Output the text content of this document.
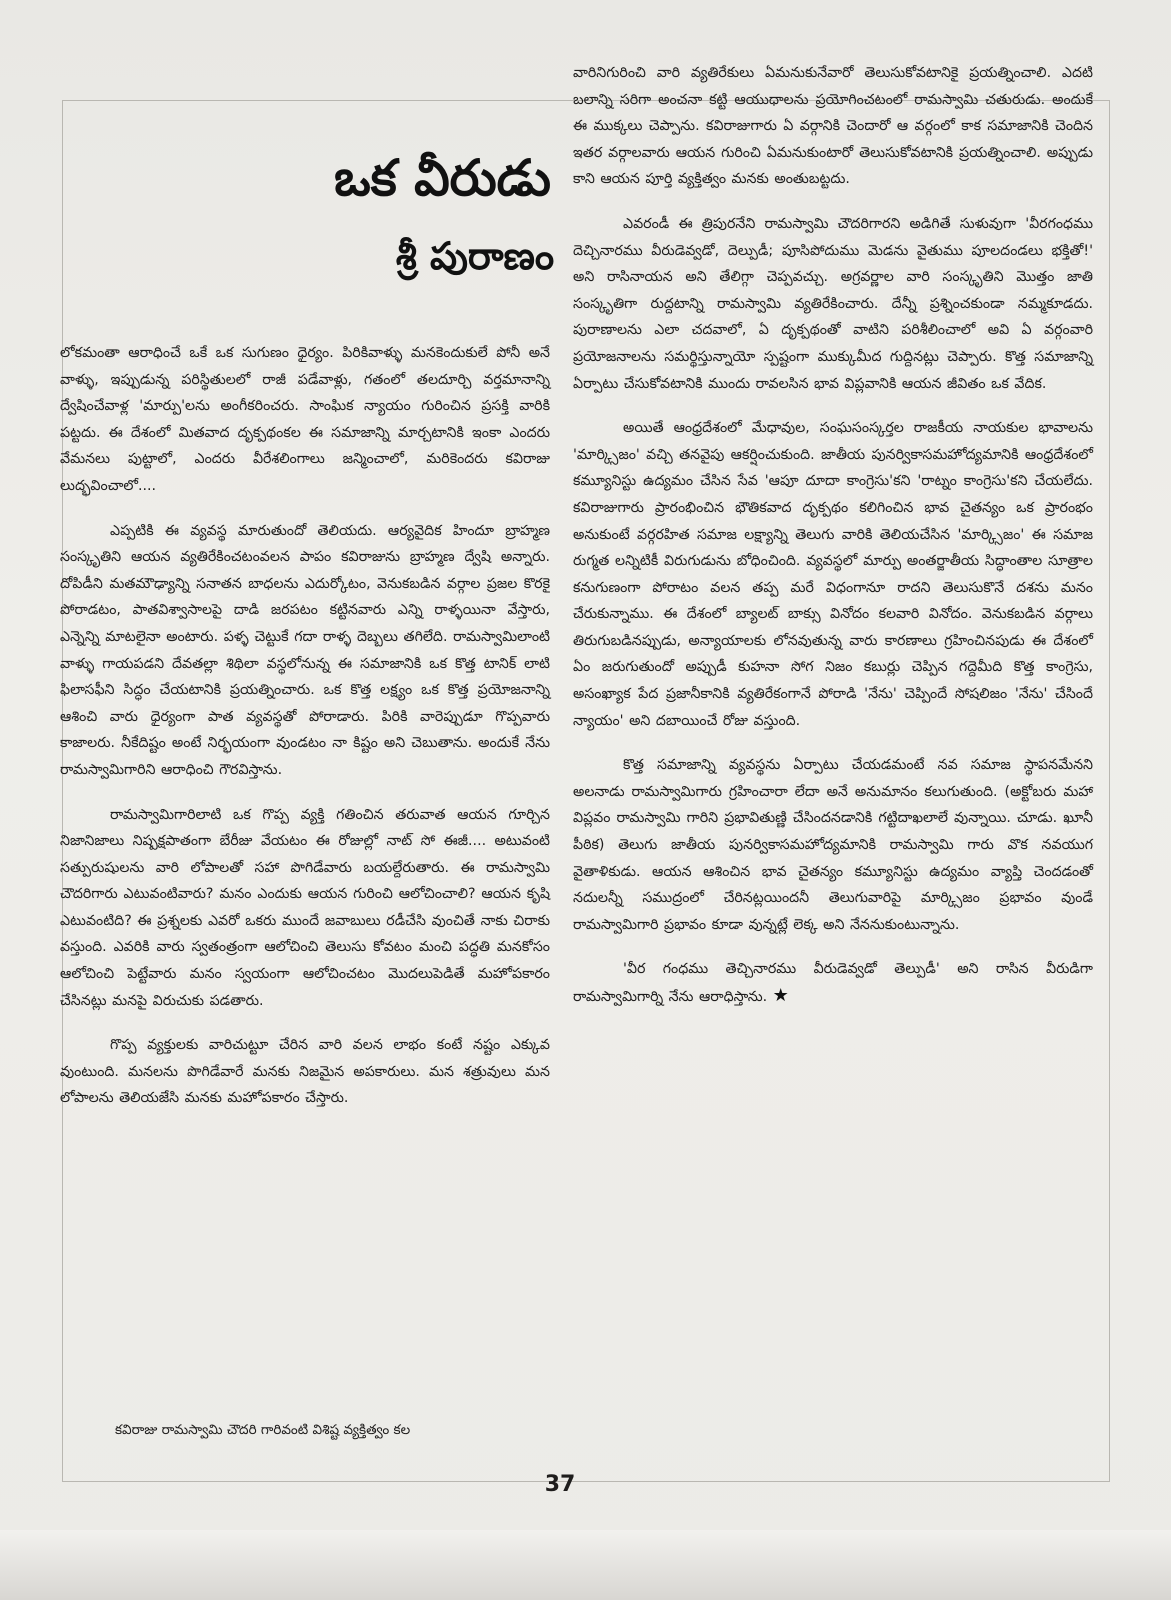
ఒక వీరుడు
శ్రీ పురాణం

లోకమంతా ఆరాధించే ఒకే ఒక సుగుణం ధైర్యం. పిరికివాళ్ళు మనకెందుకులే పోనీ అనే వాళ్ళు, ఇప్పుడున్న పరిస్థితులలో రాజీ పడేవాళ్లు, గతంలో తలదూర్చి వర్తమానాన్ని ద్వేషించేవాళ్ల 'మార్పు'లను అంగీకరించరు. సాంఘిక న్యాయం గురించిన ప్రసక్తి వారికి పట్టదు. ఈ దేశంలో మితవాద దృక్పథంకల ఈ సమాజాన్ని మార్చటానికి ఇంకా ఎందరు వేమనలు పుట్టాలో, ఎందరు వీరేశలింగాలు జన్మించాలో, మరికెందరు కవిరాజు లుద్భవించాలో....

ఎప్పటికి ఈ వ్యవస్థ మారుతుందో తెలియదు. ఆర్యవైదిక హిందూ బ్రాహ్మణ సంస్కృతిని ఆయన వ్యతిరేకించటంవలన పాపం కవిరాజును బ్రాహ్మణ ద్వేషి అన్నారు. దోపిడీని మతమౌఢ్యాన్ని సనాతన బాధలను ఎదుర్కోటం, వెనుకబడిన వర్గాల ప్రజల కొరకై పోరాడటం, పాతవిశ్వాసాలపై దాడి జరపటం కట్టినవారు ఎన్ని రాళ్ళయినా వేస్తారు, ఎన్నెన్ని మాటలైనా అంటారు. పళ్ళ చెట్టుకే గదా రాళ్ళ దెబ్బలు తగిలేది. రామస్వామిలాంటి వాళ్ళు గాయపడని దేవతల్లా శిథిలా వస్థలోనున్న ఈ సమాజానికి ఒక కొత్త టానిక్ లాటి ఫిలాసఫీని సిద్ధం చేయటానికి ప్రయత్నించారు. ఒక కొత్త లక్ష్యం ఒక కొత్త ప్రయోజనాన్ని ఆశించి వారు ధైర్యంగా పాత వ్యవస్థతో పోరాడారు. పిరికి వారెప్పుడూ గొప్పవారు కాజాలరు. నీకేదిష్టం అంటే నిర్భయంగా వుండటం నా కిష్టం అని చెబుతాను. అందుకే నేను రామస్వామిగారిని ఆరాధించి గౌరవిస్తాను.

రామస్వామిగారిలాటి ఒక గొప్ప వ్యక్తి గతించిన తరువాత ఆయన గూర్చిన నిజానిజాలు నిష్పక్షపాతంగా బేరీజు వేయటం ఈ రోజుల్లో నాట్ సో ఈజీ.... అటువంటి సత్పురుషులను వారి లోపాలతో సహా పొగిడేవారు బయల్దేరుతారు. ఈ రామస్వామి చౌదరిగారు ఎటువంటివారు? మనం ఎందుకు ఆయన గురించి ఆలోచించాలి? ఆయన కృషి ఎటువంటిది? ఈ ప్రశ్నలకు ఎవరో ఒకరు ముందే జవాబులు రడీచేసి వుంచితే నాకు చిరాకు వస్తుంది. ఎవరికి వారు స్వతంత్రంగా ఆలోచించి తెలుసు కోవటం మంచి పద్ధతి మనకోసం ఆలోచించి పెట్టేవారు మనం స్వయంగా ఆలోచించటం మొదలుపెడితే మహోపకారం చేసినట్లు మనపై విరుచుకు పడతారు.

గొప్ప వ్యక్తులకు వారిచుట్టూ చేరిన వారి వలన లాభం కంటే నష్టం ఎక్కువ వుంటుంది. మనలను పొగిడేవారే మనకు నిజమైన అపకారులు. మన శత్రువులు మన లోపాలను తెలియజేసి మనకు మహోపకారం చేస్తారు.

కవిరాజు రామస్వామి చౌదరి గారివంటి విశిష్ట వ్యక్తిత్వం కల

వారినిగురించి వారి వ్యతిరేకులు ఏమనుకునేవారో తెలుసుకోవటానికై ప్రయత్నించాలి. ఎదటి బలాన్ని సరిగా అంచనా కట్టి ఆయుధాలను ప్రయోగించటంలో రామస్వామి చతురుడు. అందుకే ఈ ముక్కలు చెప్పాను. కవిరాజుగారు ఏ వర్గానికి చెందారో ఆ వర్గంలో కాక సమాజానికి చెందిన ఇతర వర్గాలవారు ఆయన గురించి ఏమనుకుంటారో తెలుసుకోవటానికి ప్రయత్నించాలి. అప్పుడు కాని ఆయన పూర్తి వ్యక్తిత్వం మనకు అంతుబట్టదు.

ఎవరండీ ఈ త్రిపురనేని రామస్వామి చౌదరిగారని అడిగితే సుళువుగా 'వీరగంధము దెచ్చినారము వీరుడెవ్వడో, దెల్పుడీ; పూసిపోదుము మెడను వైతుము పూలదండలు భక్తితో!' అని రాసినాయన అని తేలిగ్గా చెప్పవచ్చు. అగ్రవర్ణాల వారి సంస్కృతిని మొత్తం జాతి సంస్కృతిగా రుద్దటాన్ని రామస్వామి వ్యతిరేకించారు. దేన్నీ ప్రశ్నించకుండా నమ్మకూడదు. పురాణాలను ఎలా చదవాలో, ఏ దృక్పథంతో వాటిని పరిశీలించాలో అవి ఏ వర్గంవారి ప్రయోజనాలను సమర్థిస్తున్నాయో స్పష్టంగా ముక్కుమీద గుద్దినట్లు చెప్పారు. కొత్త సమాజాన్ని ఏర్పాటు చేసుకోవటానికి ముందు రావలసిన భావ విప్లవానికి ఆయన జీవితం ఒక వేదిక.

అయితే ఆంధ్రదేశంలో మేధావుల, సంఘసంస్కర్తల రాజకీయ నాయకుల భావాలను 'మార్క్సిజం' వచ్చి తనవైపు ఆకర్షించుకుంది. జాతీయ పునర్వికాసమహోద్యమానికి ఆంధ్రదేశంలో కమ్యూనిస్టు ఉద్యమం చేసిన సేవ 'ఆపూ దూదా కాంగ్రెసు'కని 'రాట్నం కాంగ్రెసు'కని చేయలేదు. కవిరాజుగారు ప్రారంభించిన భౌతికవాద దృక్పథం కలిగించిన భావ చైతన్యం ఒక ప్రారంభం అనుకుంటే వర్గరహిత సమాజ లక్ష్యాన్ని తెలుగు వారికి తెలియచేసిన 'మార్క్సిజం' ఈ సమాజ రుగ్మత లన్నిటికీ విరుగుడును బోధించింది. వ్యవస్థలో మార్పు అంతర్జాతీయ సిద్ధాంతాల సూత్రాల కనుగుణంగా పోరాటం వలన తప్ప మరే విధంగానూ రాదని తెలుసుకొనే దశను మనం చేరుకున్నాము. ఈ దేశంలో బ్యాలట్ బాక్సు వినోదం కలవారి వినోదం. వెనుకబడిన వర్గాలు తిరుగుబడినప్పుడు, అన్యాయాలకు లోనవుతున్న వారు కారణాలు గ్రహించినపుడు ఈ దేశంలో ఏం జరుగుతుందో అప్పుడీ కుహనా సోగ నిజం కబుర్లు చెప్పిన గద్దెమీది కొత్త కాంగ్రెసు, అసంఖ్యాక పేద ప్రజానీకానికి వ్యతిరేకంగానే పోరాడి 'నేను' చెప్పిందే సోషలిజం 'నేను' చేసిందే న్యాయం' అని దబాయించే రోజు వస్తుంది.

కొత్త సమాజాన్ని వ్యవస్థను ఏర్పాటు చేయడమంటే నవ సమాజ స్థాపనమేనని అలనాడు రామస్వామిగారు గ్రహించారా లేదా అనే అనుమానం కలుగుతుంది. (అక్టోబరు మహా విప్లవం రామస్వామి గారిని ప్రభావితుణ్ణి చేసిందనడానికి గట్టిదాఖలాలే వున్నాయి. చూడు. ఖూనీ పీఠిక) తెలుగు జాతీయ పునర్వికాసమహోద్యమానికి రామస్వామి గారు వొక నవయుగ వైతాళికుడు. ఆయన ఆశించిన భావ చైతన్యం కమ్యూనిస్టు ఉద్యమం వ్యాప్తి చెందడంతో నదులన్నీ సముద్రంలో చేరినట్లయిందనీ తెలుగువారిపై మార్క్సిజం ప్రభావం వుండే రామస్వామిగారి ప్రభావం కూడా వున్నట్లే లెక్క అని నేననుకుంటున్నాను.

'వీర గంధము తెచ్చినారము వీరుడెవ్వడో తెల్పుడీ' అని రాసిన వీరుడిగా రామస్వామిగార్ని నేను ఆరాధిస్తాను. ★

37
